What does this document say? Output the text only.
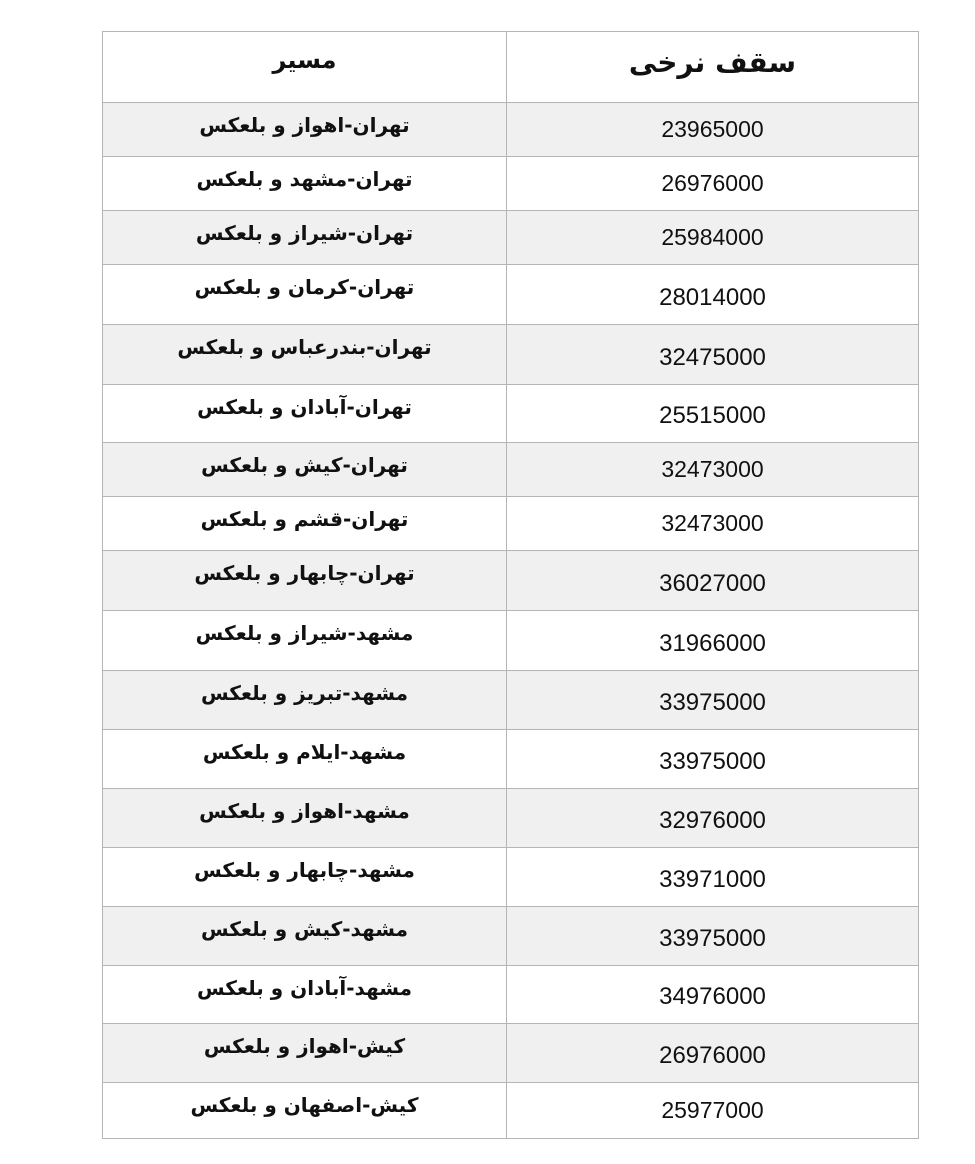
مسیر	سقف نرخی
تهران-اهواز و بلعکس	23965000
تهران-مشهد و بلعکس	26976000
تهران-شیراز و بلعکس	25984000
تهران-کرمان و بلعکس	28014000
تهران-بندرعباس و بلعکس	32475000
تهران-آبادان و بلعکس	25515000
تهران-کیش و بلعکس	32473000
تهران-قشم و بلعکس	32473000
تهران-چابهار و بلعکس	36027000
مشهد-شیراز و بلعکس	31966000
مشهد-تبریز و بلعکس	33975000
مشهد-ایلام و بلعکس	33975000
مشهد-اهواز و بلعکس	32976000
مشهد-چابهار و بلعکس	33971000
مشهد-کیش و بلعکس	33975000
مشهد-آبادان و بلعکس	34976000
کیش-اهواز و بلعکس	26976000
کیش-اصفهان و بلعکس	25977000
